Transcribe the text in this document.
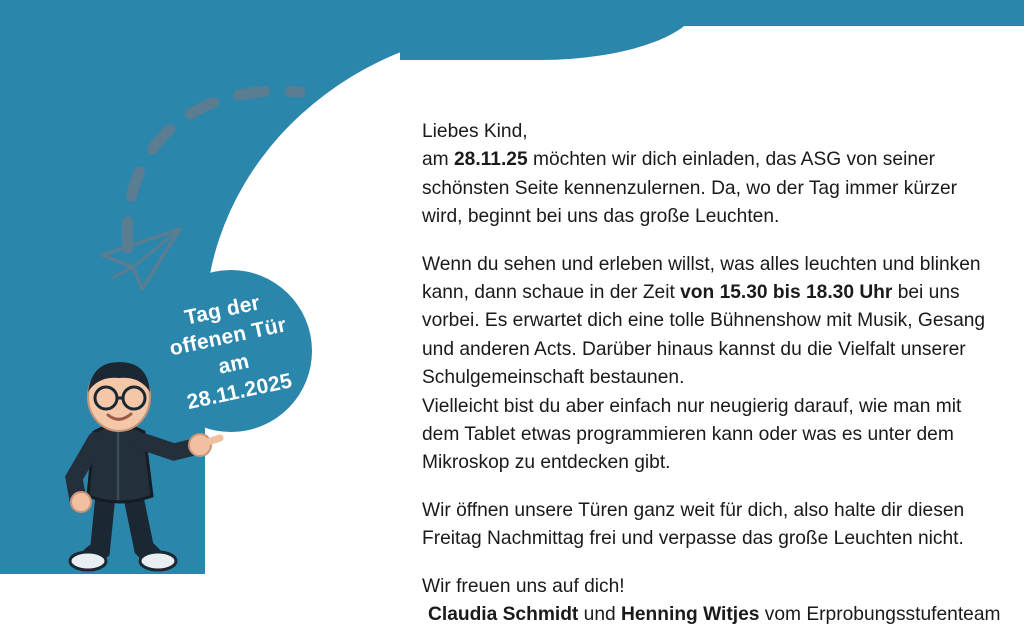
Tag der
offenen Tür
am
28.11.2025

Liebes Kind,

am 28.11.25 möchten wir dich einladen, das ASG von seiner schönsten Seite kennenzulernen. Da, wo der Tag immer kürzer wird, beginnt bei uns das große Leuchten.

Wenn du sehen und erleben willst, was alles leuchten und blinken kann, dann schaue in der Zeit von 15.30 bis 18.30 Uhr bei uns vorbei. Es erwartet dich eine tolle Bühnenshow mit Musik, Gesang und anderen Acts. Darüber hinaus kannst du die Vielfalt unserer Schulgemeinschaft bestaunen.

Vielleicht bist du aber einfach nur neugierig darauf, wie man mit dem Tablet etwas programmieren kann oder was es unter dem Mikroskop zu entdecken gibt.

Wir öffnen unsere Türen ganz weit für dich, also halte dir diesen Freitag Nachmittag frei und verpasse das große Leuchten nicht.

Wir freuen uns auf dich!

Claudia Schmidt und Henning Witjes vom Erprobungsstufenteam
